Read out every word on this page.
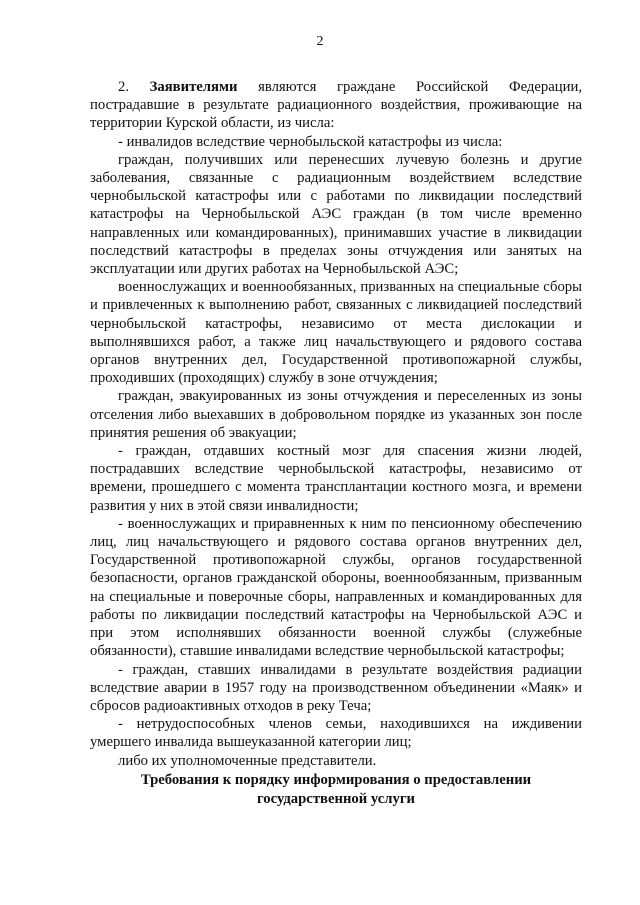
2

2. Заявителями являются граждане Российской Федерации, пострадавшие в результате радиационного воздействия, проживающие на территории Курской области, из числа:

- инвалидов вследствие чернобыльской катастрофы из числа:

граждан, получивших или перенесших лучевую болезнь и другие заболевания, связанные с радиационным воздействием вследствие чернобыльской катастрофы или с работами по ликвидации последствий катастрофы на Чернобыльской АЭС граждан (в том числе временно направленных или командированных), принимавших участие в ликвидации последствий катастрофы в пределах зоны отчуждения или занятых на эксплуатации или других работах на Чернобыльской АЭС;

военнослужащих и военнообязанных, призванных на специальные сборы и привлеченных к выполнению работ, связанных с ликвидацией последствий чернобыльской катастрофы, независимо от места дислокации и выполнявшихся работ, а также лиц начальствующего и рядового состава органов внутренних дел, Государственной противопожарной службы, проходивших (проходящих) службу в зоне отчуждения;

граждан, эвакуированных из зоны отчуждения и переселенных из зоны отселения либо выехавших в добровольном порядке из указанных зон после принятия решения об эвакуации;

- граждан, отдавших костный мозг для спасения жизни людей, пострадавших вследствие чернобыльской катастрофы, независимо от времени, прошедшего с момента трансплантации костного мозга, и времени развития у них в этой связи инвалидности;

- военнослужащих и приравненных к ним по пенсионному обеспечению лиц, лиц начальствующего и рядового состава органов внутренних дел, Государственной противопожарной службы, органов государственной безопасности, органов гражданской обороны, военнообязанным, призванным на специальные и поверочные сборы, направленных и командированных для работы по ликвидации последствий катастрофы на Чернобыльской АЭС и при этом исполнявших обязанности военной службы (служебные обязанности), ставшие инвалидами вследствие чернобыльской катастрофы;

- граждан, ставших инвалидами в результате воздействия радиации вследствие аварии в 1957 году на производственном объединении «Маяк» и сбросов радиоактивных отходов в реку Теча;

- нетрудоспособных членов семьи, находившихся на иждивении умершего инвалида вышеуказанной категории лиц;

либо их уполномоченные представители.

Требования к порядку информирования о предоставлении
государственной услуги
